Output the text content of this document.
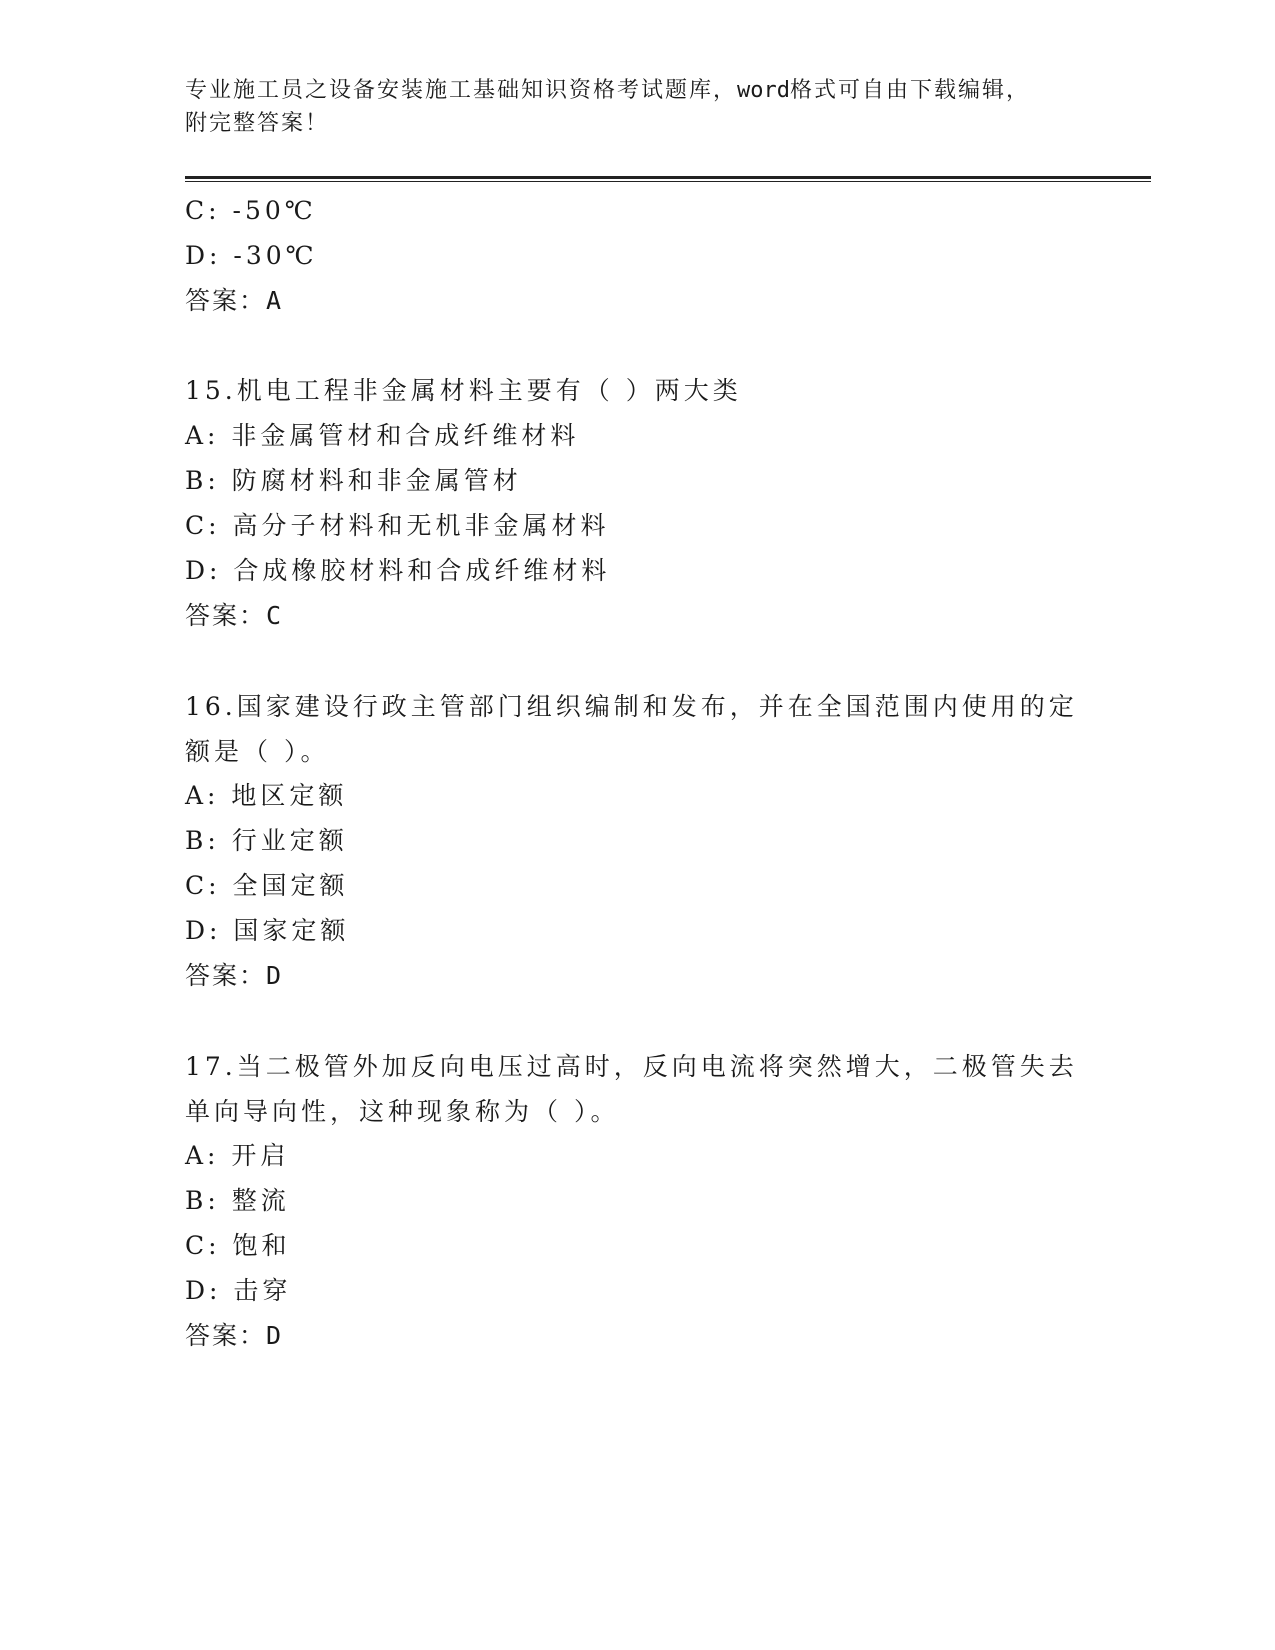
专业施工员之设备安装施工基础知识资格考试题库，word格式可自由下载编辑，
附完整答案！
C: -50℃
D: -30℃
答案：A
15.机电工程非金属材料主要有（ ）两大类
A: 非金属管材和合成纤维材料
B: 防腐材料和非金属管材
C: 高分子材料和无机非金属材料
D: 合成橡胶材料和合成纤维材料
答案：C
16.国家建设行政主管部门组织编制和发布，并在全国范围内使用的定额是（ ）。
A: 地区定额
B: 行业定额
C: 全国定额
D: 国家定额
答案：D
17.当二极管外加反向电压过高时，反向电流将突然增大，二极管失去单向导向性，这种现象称为（ ）。
A: 开启
B: 整流
C: 饱和
D: 击穿
答案：D
